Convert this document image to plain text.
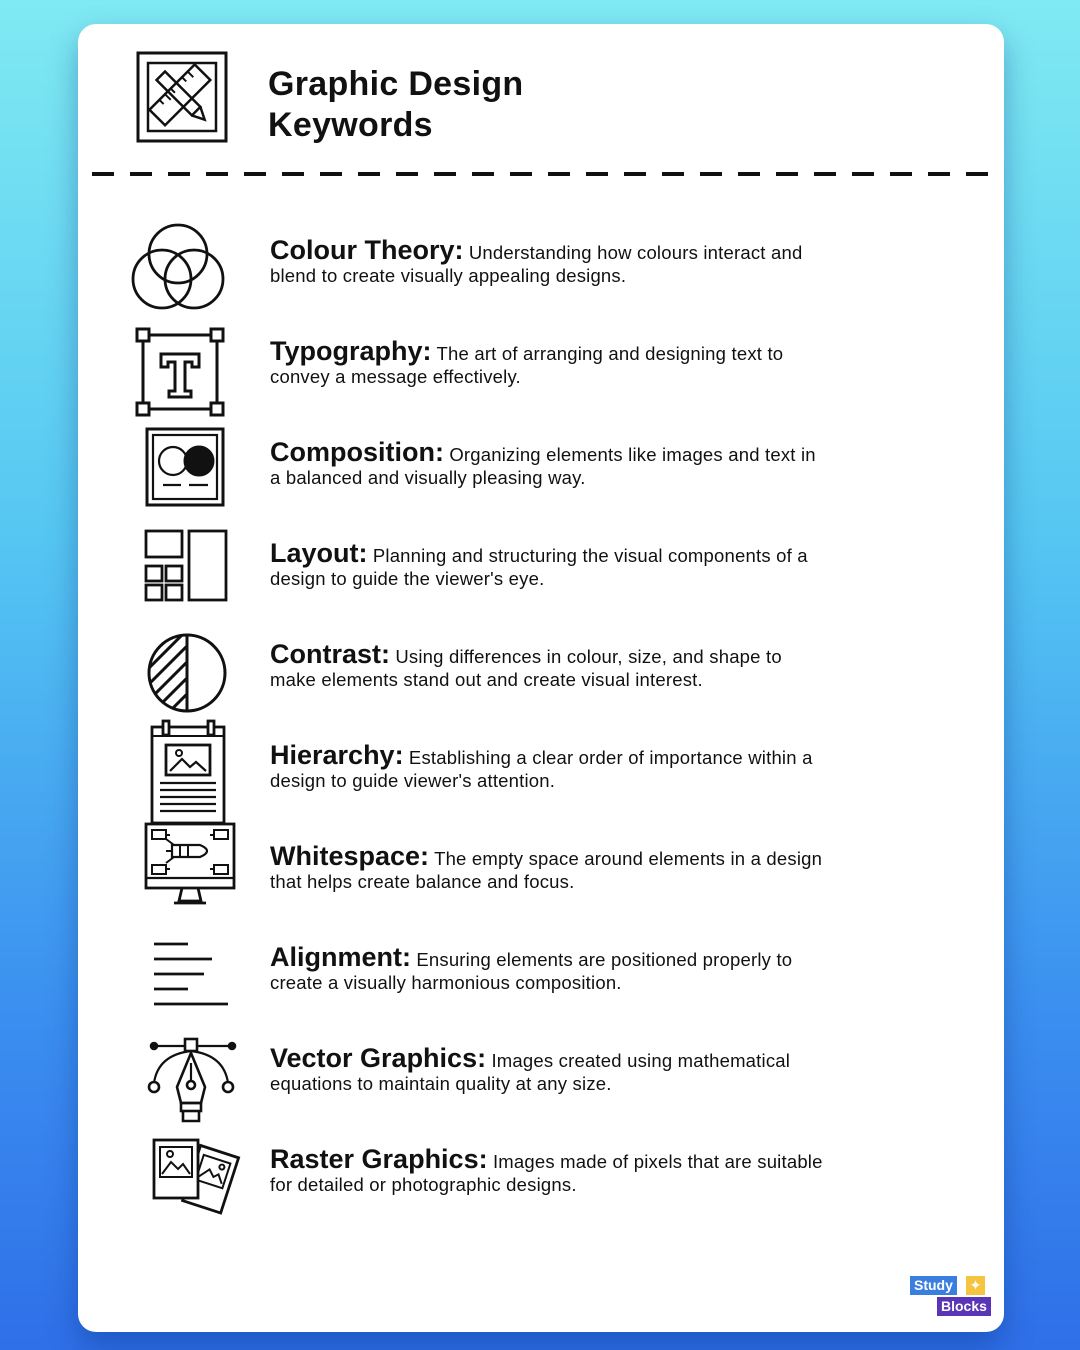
Graphic Design
Keywords
Colour Theory: Understanding how colours interact and blend to create visually appealing designs.
Typography: The art of arranging and designing text to convey a message effectively.
Composition: Organizing elements like images and text in a balanced and visually pleasing way.
Layout: Planning and structuring the visual components of a design to guide the viewer's eye.
Contrast: Using differences in colour, size, and shape to make elements stand out and create visual interest.
Hierarchy: Establishing a clear order of importance within a design to guide viewer's attention.
Whitespace: The empty space around elements in a design that helps create balance and focus.
Alignment: Ensuring elements are positioned properly to create a visually harmonious composition.
Vector Graphics: Images created using mathematical equations to maintain quality at any size.
Raster Graphics: Images made of pixels that are suitable for detailed or photographic designs.
Study ✦
Blocks
